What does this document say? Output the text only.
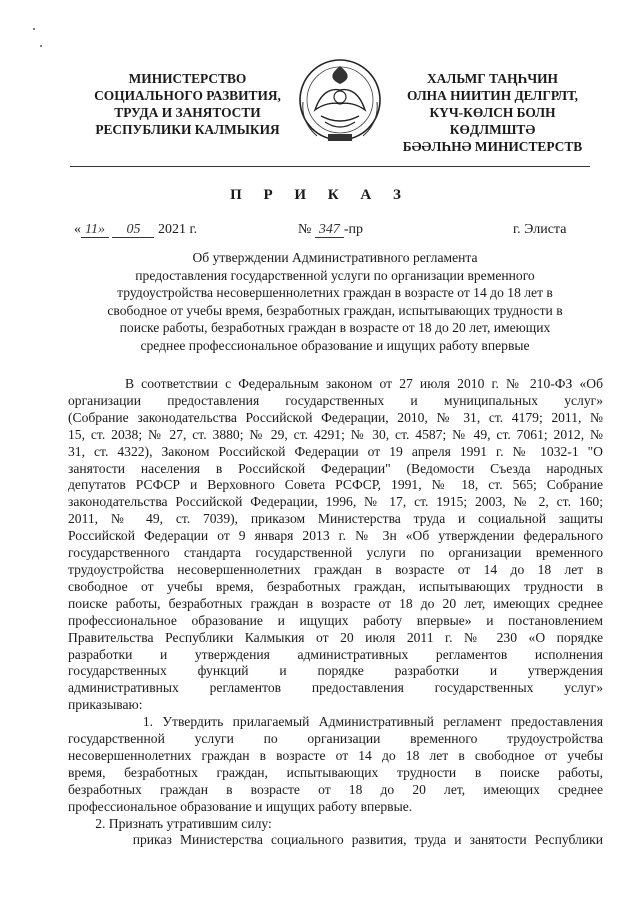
МИНИСТЕРСТВО
СОЦИАЛЬНОГО РАЗВИТИЯ,
ТРУДА И ЗАНЯТОСТИ
РЕСПУБЛИКИ КАЛМЫКИЯ
ХАЛЬМГ ТАҢҺЧИН
ОЛНА НИИТИН ДЕЛГРЛТ,
КҮЧ-КӨЛСН БОЛН
КӨДЛМШТӘ
БӘӘЛҺНӘ МИНИСТЕРСТВ
П Р И К А З
« 11» 05 2021 г.	№ 347 -пр	г. Элиста
Об утверждении Административного регламента
предоставления государственной услуги по организации временного
трудоустройства несовершеннолетних граждан в возрасте от 14 до 18 лет в
свободное от учебы время, безработных граждан, испытывающих трудности в
поиске работы, безработных граждан в возрасте от 18 до 20 лет, имеющих
среднее профессиональное образование и ищущих работу впервые

В соответствии с Федеральным законом от 27 июля 2010 г. № 210-ФЗ «Об

организации  предоставления  государственных  и  муниципальных  услуг»

(Собрание законодательства Российской Федерации, 2010, № 31, ст. 4179; 2011, №

15, ст. 2038; № 27, ст. 3880; № 29, ст. 4291; № 30, ст. 4587; № 49, ст. 7061; 2012, №

31, ст. 4322), Законом Российской Федерации от 19 апреля 1991 г. № 1032-1 "О

занятости населения в Российской Федерации" (Ведомости Съезда народных

депутатов РСФСР и Верховного Совета РСФСР, 1991, № 18, ст. 565; Собрание

законодательства Российской Федерации, 1996, № 17, ст. 1915; 2003, № 2, ст. 160;

2011, № 49, ст. 7039), приказом Министерства труда и социальной защиты

Российской Федерации от 9 января 2013 г. № 3н «Об утверждении федерального

государственного стандарта государственной услуги по организации временного

трудоустройства несовершеннолетних граждан в возрасте от 14 до 18 лет в

свободное от учебы время, безработных граждан, испытывающих трудности в

поиске работы, безработных граждан в возрасте от 18 до 20 лет, имеющих среднее

профессиональное образование и ищущих работу впервые» и постановлением

Правительства Республики Калмыкия от 20 июля 2011 г. № 230 «О порядке

разработки  и  утверждения  административных  регламентов  исполнения

государственных  функций  и  порядке  разработки  и  утверждения

административных  регламентов  предоставления  государственных  услуг»

приказываю:

1. Утвердить прилагаемый Административный регламент предоставления

государственной  услуги  по  организации  временного  трудоустройства

несовершеннолетних граждан в возрасте от 14 до 18 лет в свободное от учебы

время, безработных граждан, испытывающих трудности в поиске работы,

безработных  граждан  в  возрасте  от  18  до  20  лет,  имеющих  среднее

профессиональное образование и ищущих работу впервые.

2. Признать утратившим силу:

приказ Министерства социального развития, труда и занятости Республики
